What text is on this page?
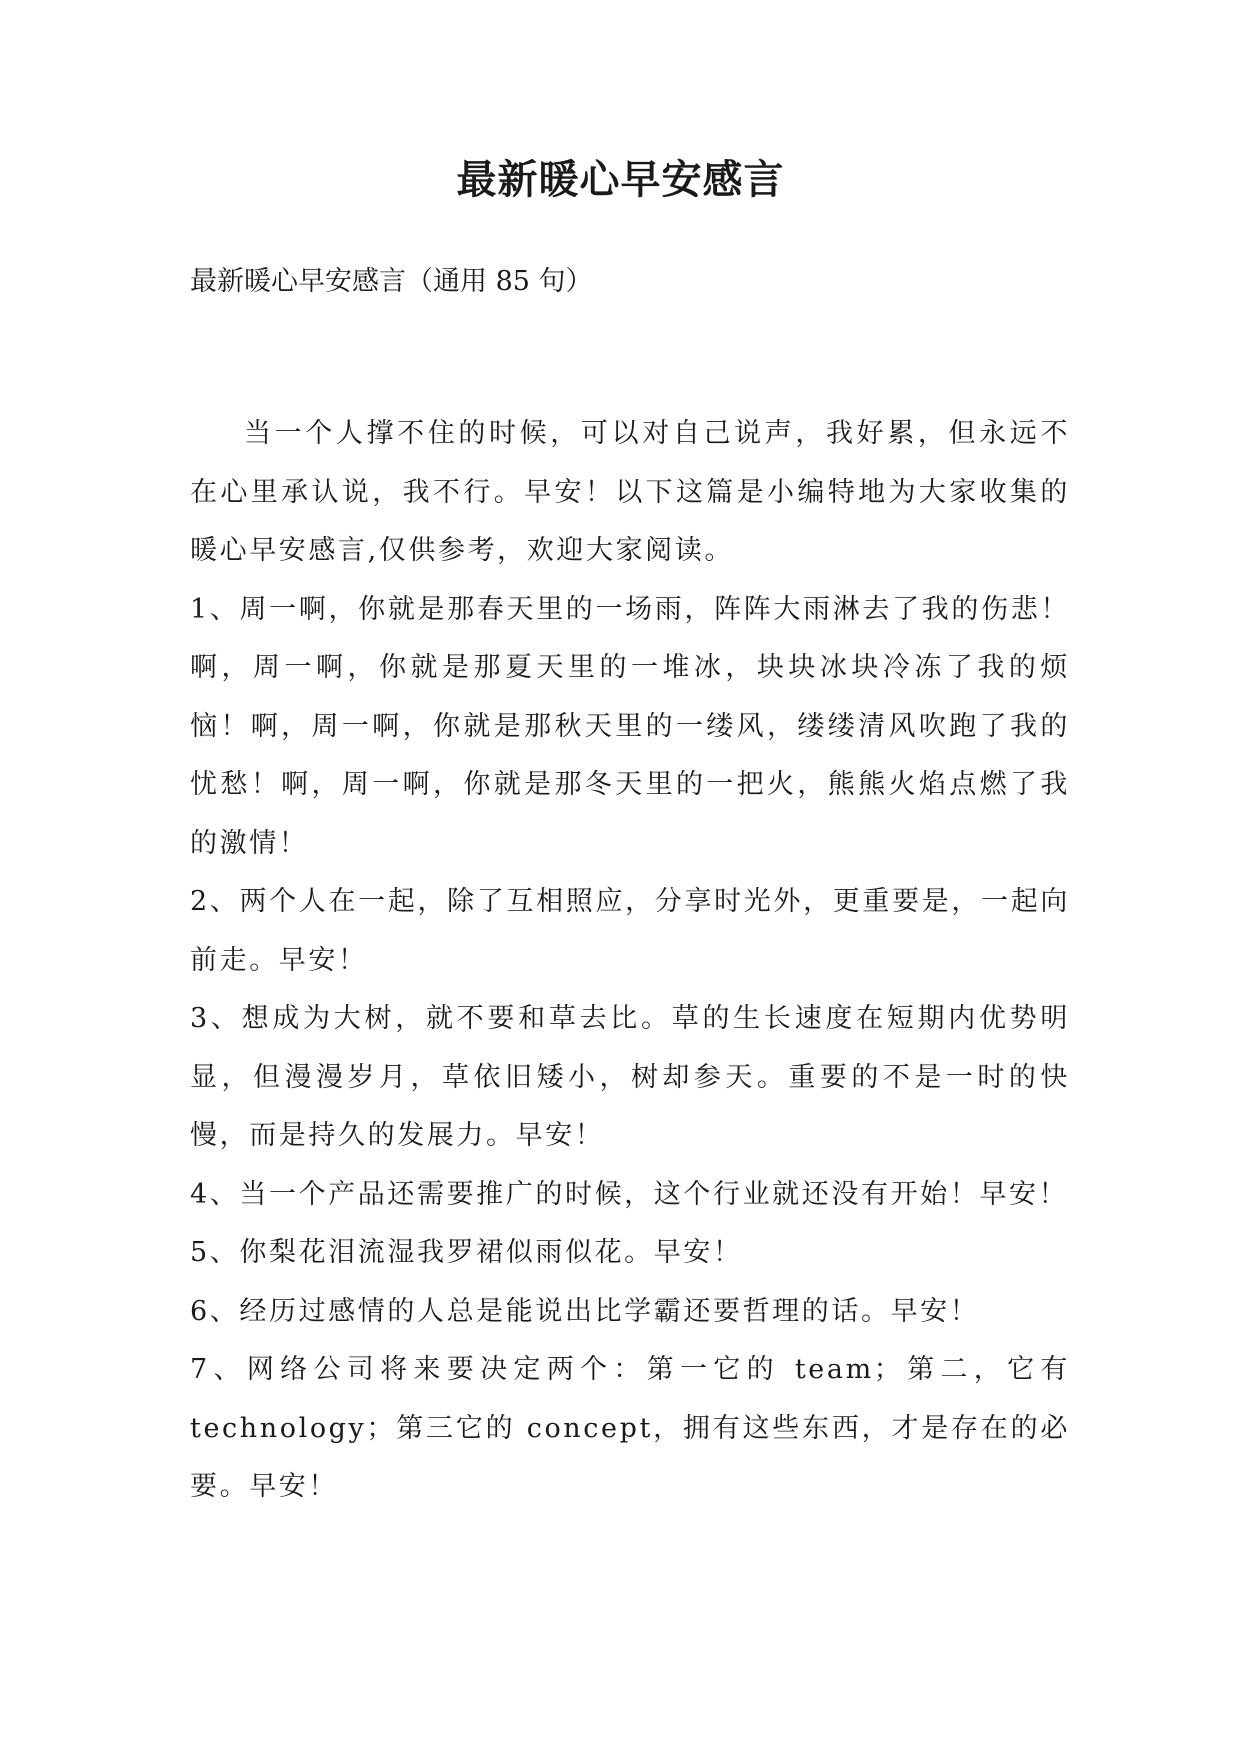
最新暖心早安感言

最新暖心早安感言（通用 85 句）

当一个人撑不住的时候，可以对自己说声，我好累，但永远不在心里承认说，我不行。早安！以下这篇是小编特地为大家收集的暖心早安感言,仅供参考，欢迎大家阅读。

1、周一啊，你就是那春天里的一场雨，阵阵大雨淋去了我的伤悲！啊，周一啊，你就是那夏天里的一堆冰，块块冰块冷冻了我的烦恼！啊，周一啊，你就是那秋天里的一缕风，缕缕清风吹跑了我的忧愁！啊，周一啊，你就是那冬天里的一把火，熊熊火焰点燃了我的激情！

2、两个人在一起，除了互相照应，分享时光外，更重要是，一起向前走。早安！

3、想成为大树，就不要和草去比。草的生长速度在短期内优势明显，但漫漫岁月，草依旧矮小，树却参天。重要的不是一时的快慢，而是持久的发展力。早安！

4、当一个产品还需要推广的时候，这个行业就还没有开始！早安！

5、你梨花泪流湿我罗裙似雨似花。早安！

6、经历过感情的人总是能说出比学霸还要哲理的话。早安！

7、网络公司将来要决定两个：第一它的 team；第二，它有 technology；第三它的 concept，拥有这些东西，才是存在的必要。早安！
